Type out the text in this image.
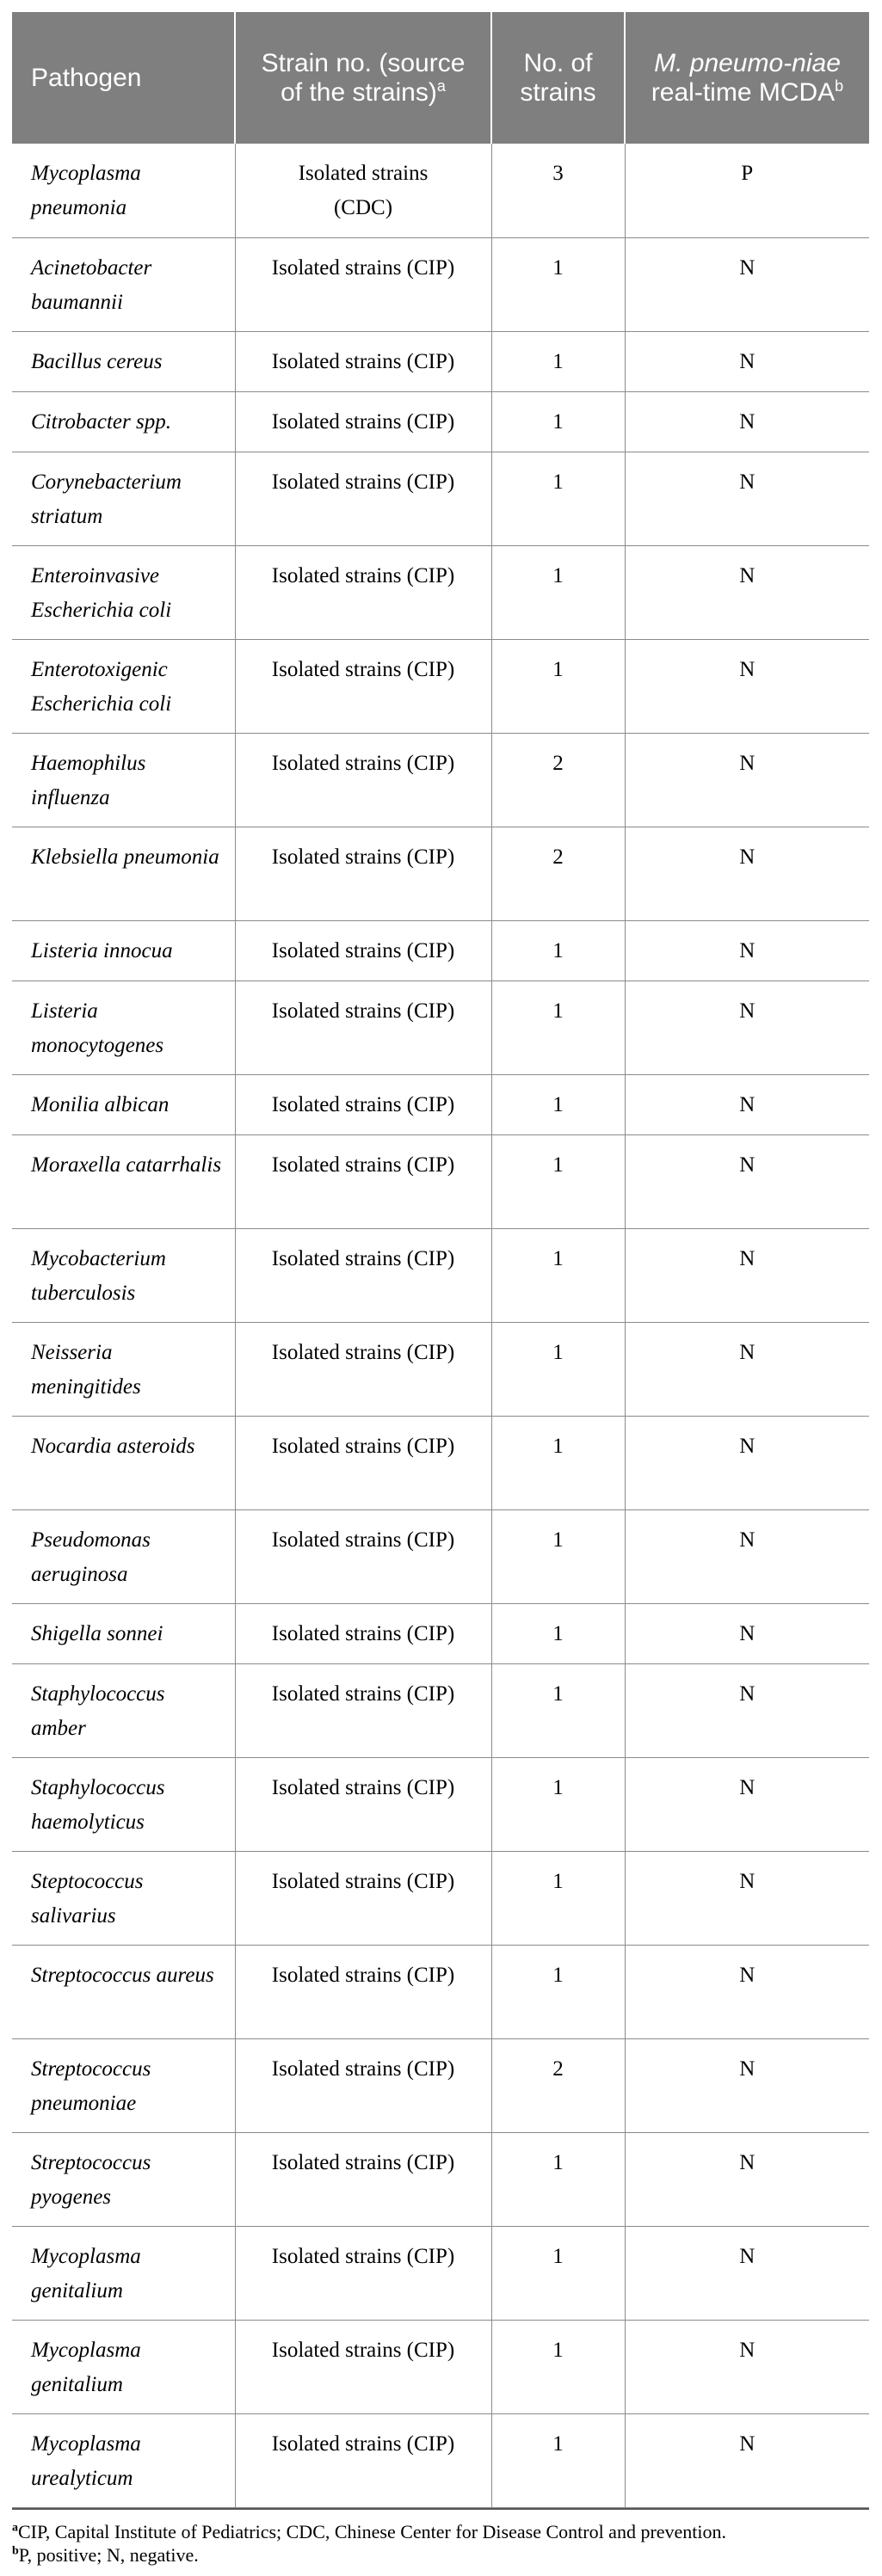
Pathogen	Strain no. (source of the strains)$^a$	No. of strains	M. pneumo-niae real-time MCDA$^b$
Mycoplasma pneumonia	Isolated strains (CDC)	3	P
Acinetobacter baumannii	Isolated strains (CIP)	1	N
Bacillus cereus	Isolated strains (CIP)	1	N
Citrobacter spp.	Isolated strains (CIP)	1	N
Corynebacterium striatum	Isolated strains (CIP)	1	N
Enteroinvasive Escherichia coli	Isolated strains (CIP)	1	N
Enterotoxigenic Escherichia coli	Isolated strains (CIP)	1	N
Haemophilus influenza	Isolated strains (CIP)	2	N
Klebsiella pneumonia	Isolated strains (CIP)	2	N
Listeria innocua	Isolated strains (CIP)	1	N
Listeria monocytogenes	Isolated strains (CIP)	1	N
Monilia albican	Isolated strains (CIP)	1	N
Moraxella catarrhalis	Isolated strains (CIP)	1	N
Mycobacterium tuberculosis	Isolated strains (CIP)	1	N
Neisseria meningitides	Isolated strains (CIP)	1	N
Nocardia asteroids	Isolated strains (CIP)	1	N
Pseudomonas aeruginosa	Isolated strains (CIP)	1	N
Shigella sonnei	Isolated strains (CIP)	1	N
Staphylococcus amber	Isolated strains (CIP)	1	N
Staphylococcus haemolyticus	Isolated strains (CIP)	1	N
Steptococcus salivarius	Isolated strains (CIP)	1	N
Streptococcus aureus	Isolated strains (CIP)	1	N
Streptococcus pneumoniae	Isolated strains (CIP)	2	N
Streptococcus pyogenes	Isolated strains (CIP)	1	N
Mycoplasma genitalium	Isolated strains (CIP)	1	N
Mycoplasma genitalium	Isolated strains (CIP)	1	N
Mycoplasma urealyticum	Isolated strains (CIP)	1	N
$^a$CIP, Capital Institute of Pediatrics; CDC, Chinese Center for Disease Control and prevention.
$^b$P, positive; N, negative.
